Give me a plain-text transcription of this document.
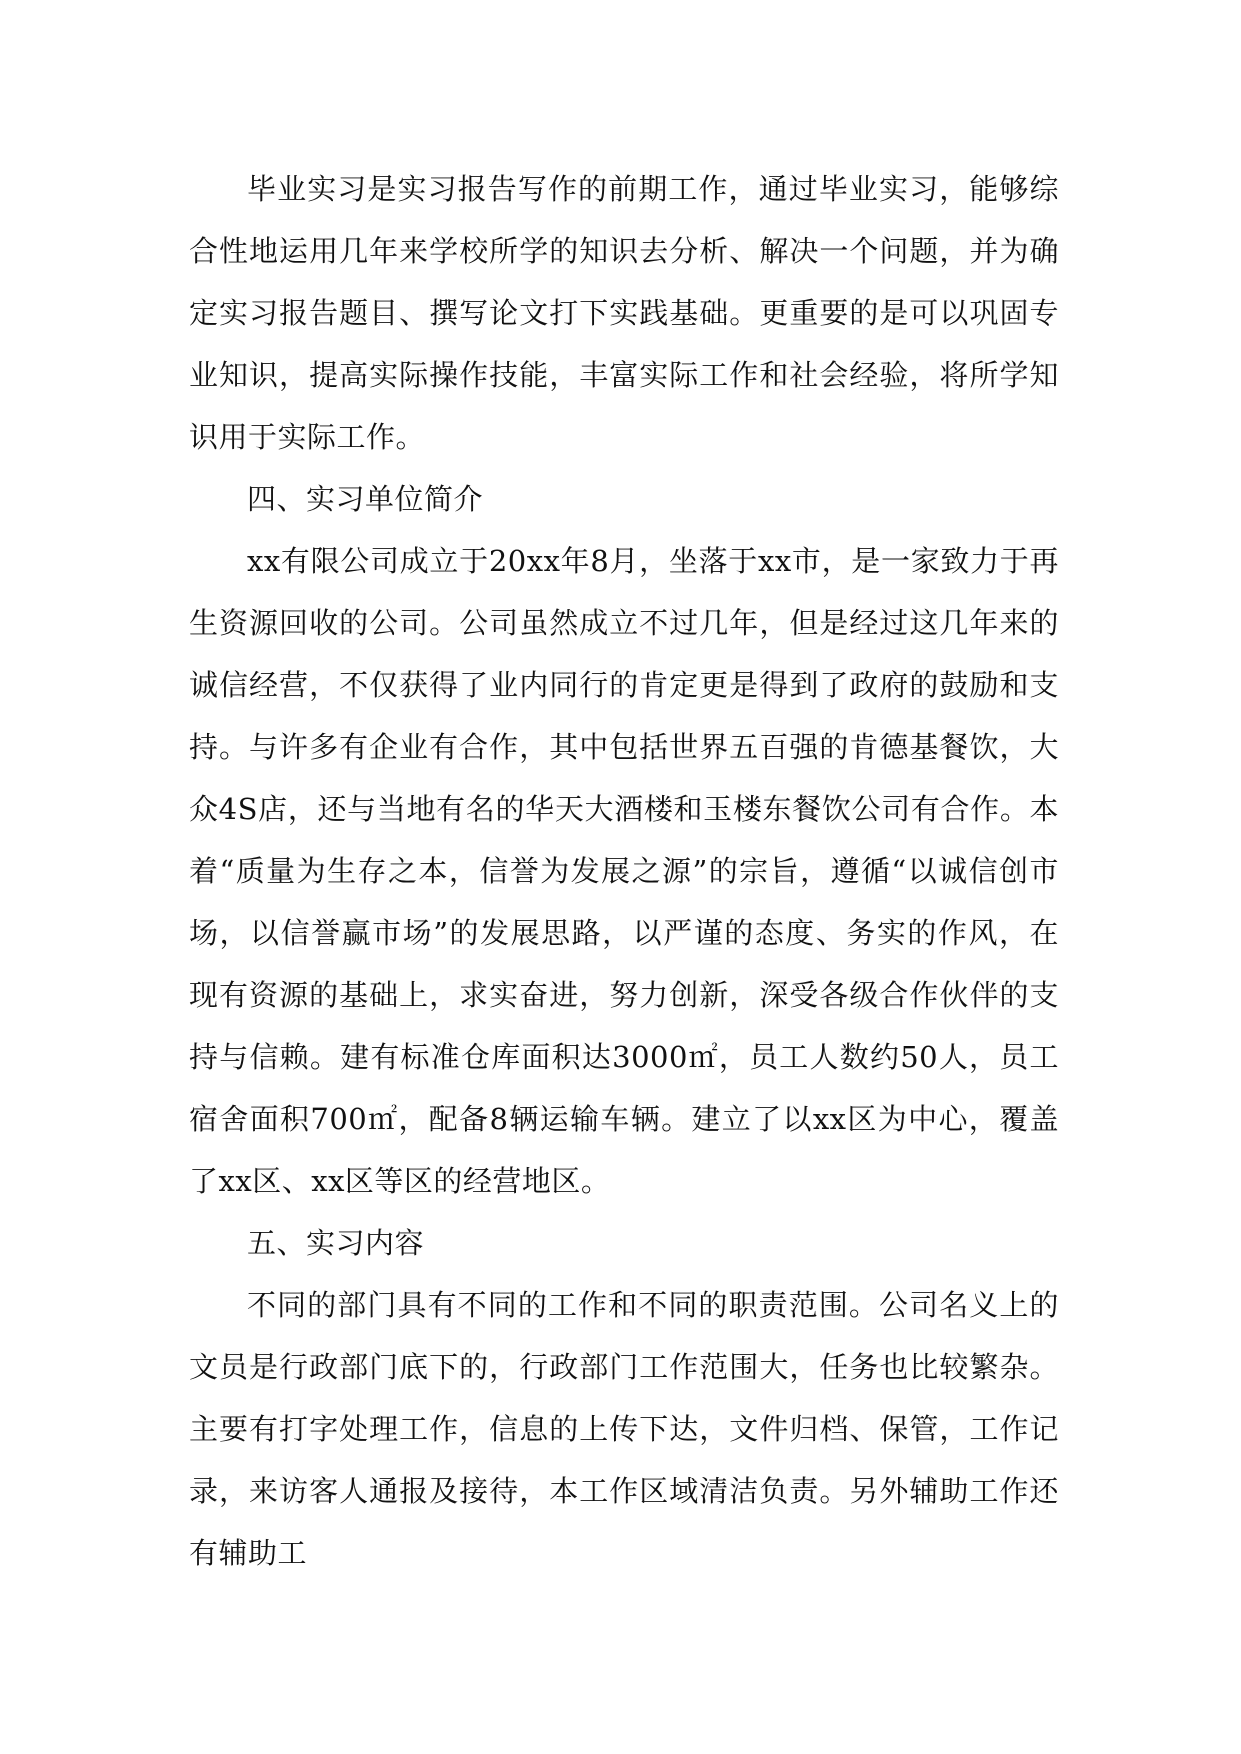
毕业实习是实习报告写作的前期工作，通过毕业实习，能够综合性地运用几年来学校所学的知识去分析、解决一个问题，并为确定实习报告题目、撰写论文打下实践基础。更重要的是可以巩固专业知识，提高实际操作技能，丰富实际工作和社会经验，将所学知识用于实际工作。

四、实习单位简介

xx有限公司成立于20xx年8月，坐落于xx市，是一家致力于再生资源回收的公司。公司虽然成立不过几年，但是经过这几年来的诚信经营，不仅获得了业内同行的肯定更是得到了政府的鼓励和支持。与许多有企业有合作，其中包括世界五百强的肯德基餐饮，大众4S店，还与当地有名的华天大酒楼和玉楼东餐饮公司有合作。本着“质量为生存之本，信誉为发展之源”的宗旨，遵循“以诚信创市场，以信誉赢市场”的发展思路，以严谨的态度、务实的作风，在现有资源的基础上，求实奋进，努力创新，深受各级合作伙伴的支持与信赖。建有标准仓库面积达3000㎡，员工人数约50人，员工宿舍面积700㎡，配备8辆运输车辆。建立了以xx区为中心，覆盖了xx区、xx区等区的经营地区。

五、实习内容

不同的部门具有不同的工作和不同的职责范围。公司名义上的文员是行政部门底下的，行政部门工作范围大，任务也比较繁杂。主要有打字处理工作，信息的上传下达，文件归档、保管，工作记录，来访客人通报及接待，本工作区域清洁负责。另外辅助工作还有辅助工
